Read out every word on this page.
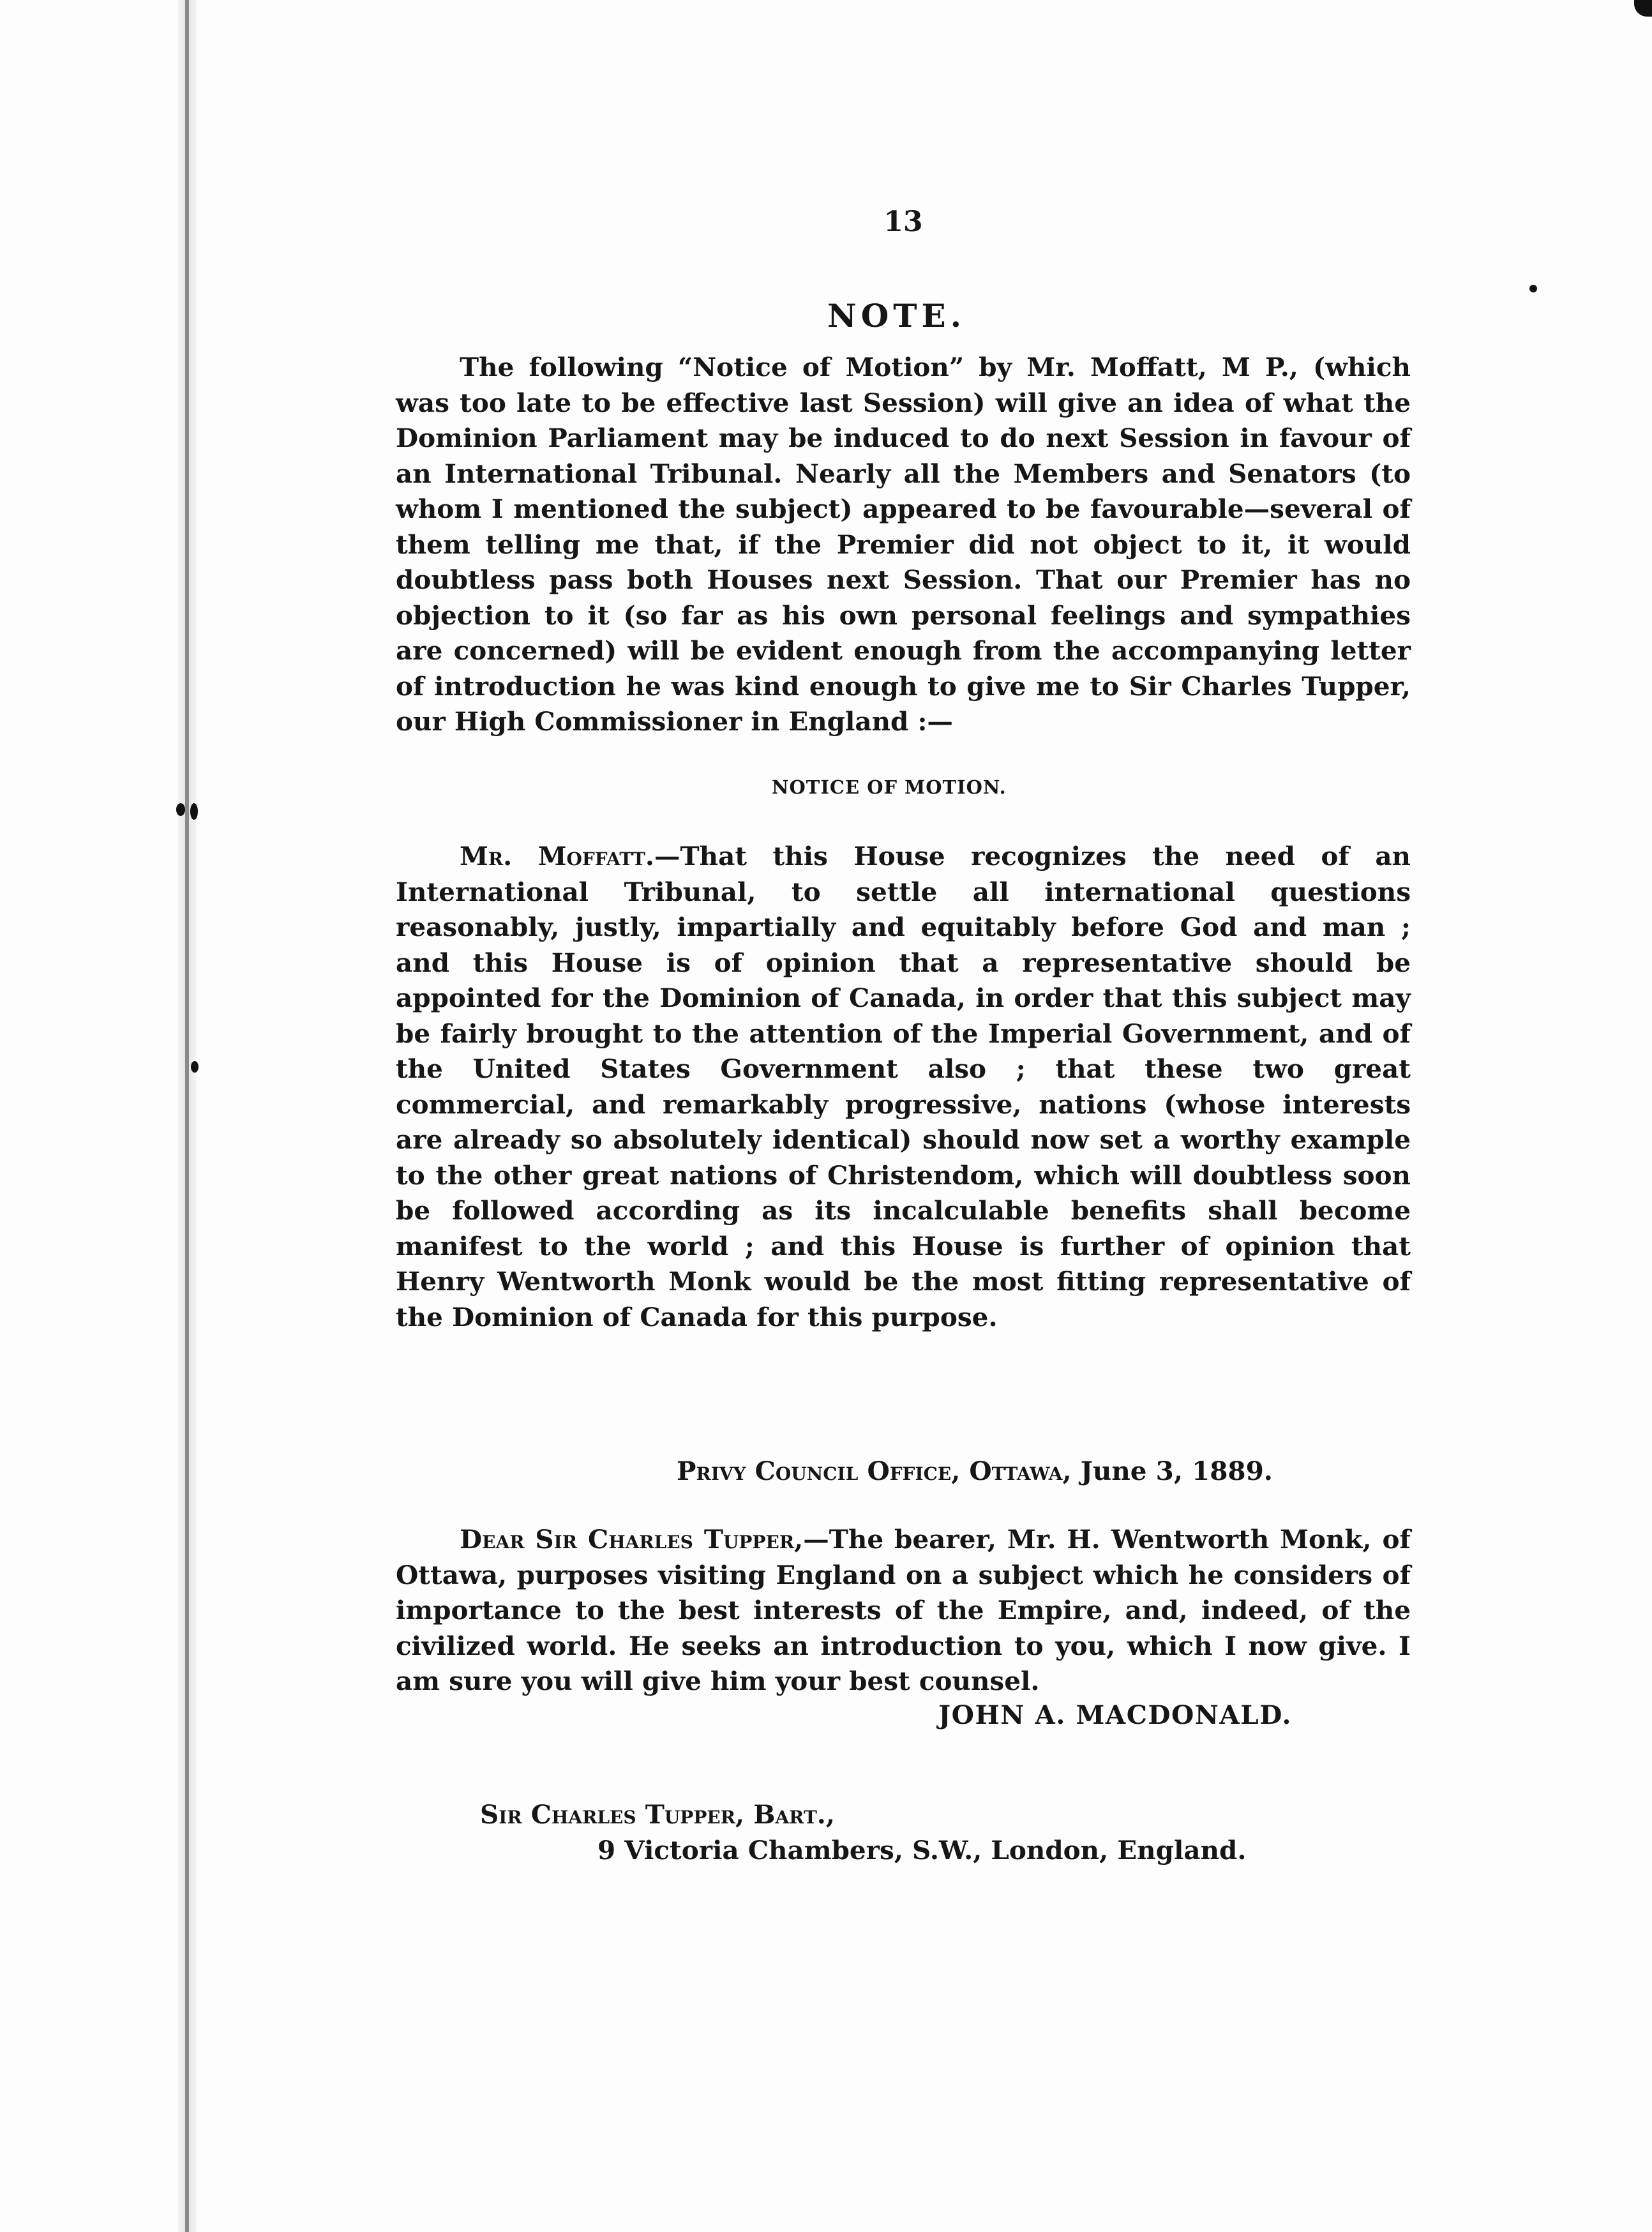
13
NOTE.

The following “Notice of Motion” by Mr. Moffatt, M P., (which was too late to be effective last Session) will give an idea of what the Dominion Parliament may be induced to do next Session in favour of an International Tribunal. Nearly all the Members and Senators (to whom I mentioned the subject) appeared to be favourable—several of them telling me that, if the Premier did not object to it, it would doubtless pass both Houses next Session. That our Premier has no objection to it (so far as his own personal feelings and sympathies are concerned) will be evident enough from the accompanying letter of introduction he was kind enough to give me to Sir Charles Tupper, our High Commissioner in England :—

NOTICE OF MOTION.

Mr. Moffatt.—That this House recognizes the need of an International Tribunal, to settle all international questions reasonably, justly, impartially and equitably before God and man ; and this House is of opinion that a representative should be appointed for the Dominion of Canada, in order that this subject may be fairly brought to the attention of the Imperial Government, and of the United States Government also ; that these two great commercial, and remarkably progressive, nations (whose interests are already so absolutely identical) should now set a worthy example to the other great nations of Christendom, which will doubtless soon be followed according as its incalculable benefits shall become manifest to the world ; and this House is further of opinion that Henry Wentworth Monk would be the most fitting representative of the Dominion of Canada for this purpose.

Privy Council Office, Ottawa, June 3, 1889.

Dear Sir Charles Tupper,—The bearer, Mr. H. Wentworth Monk, of Ottawa, purposes visiting England on a subject which he considers of importance to the best interests of the Empire, and, indeed, of the civilized world. He seeks an introduction to you, which I now give. I am sure you will give him your best counsel.

JOHN A. MACDONALD.
Sir Charles Tupper, Bart.,
9 Victoria Chambers, S.W., London, England.
